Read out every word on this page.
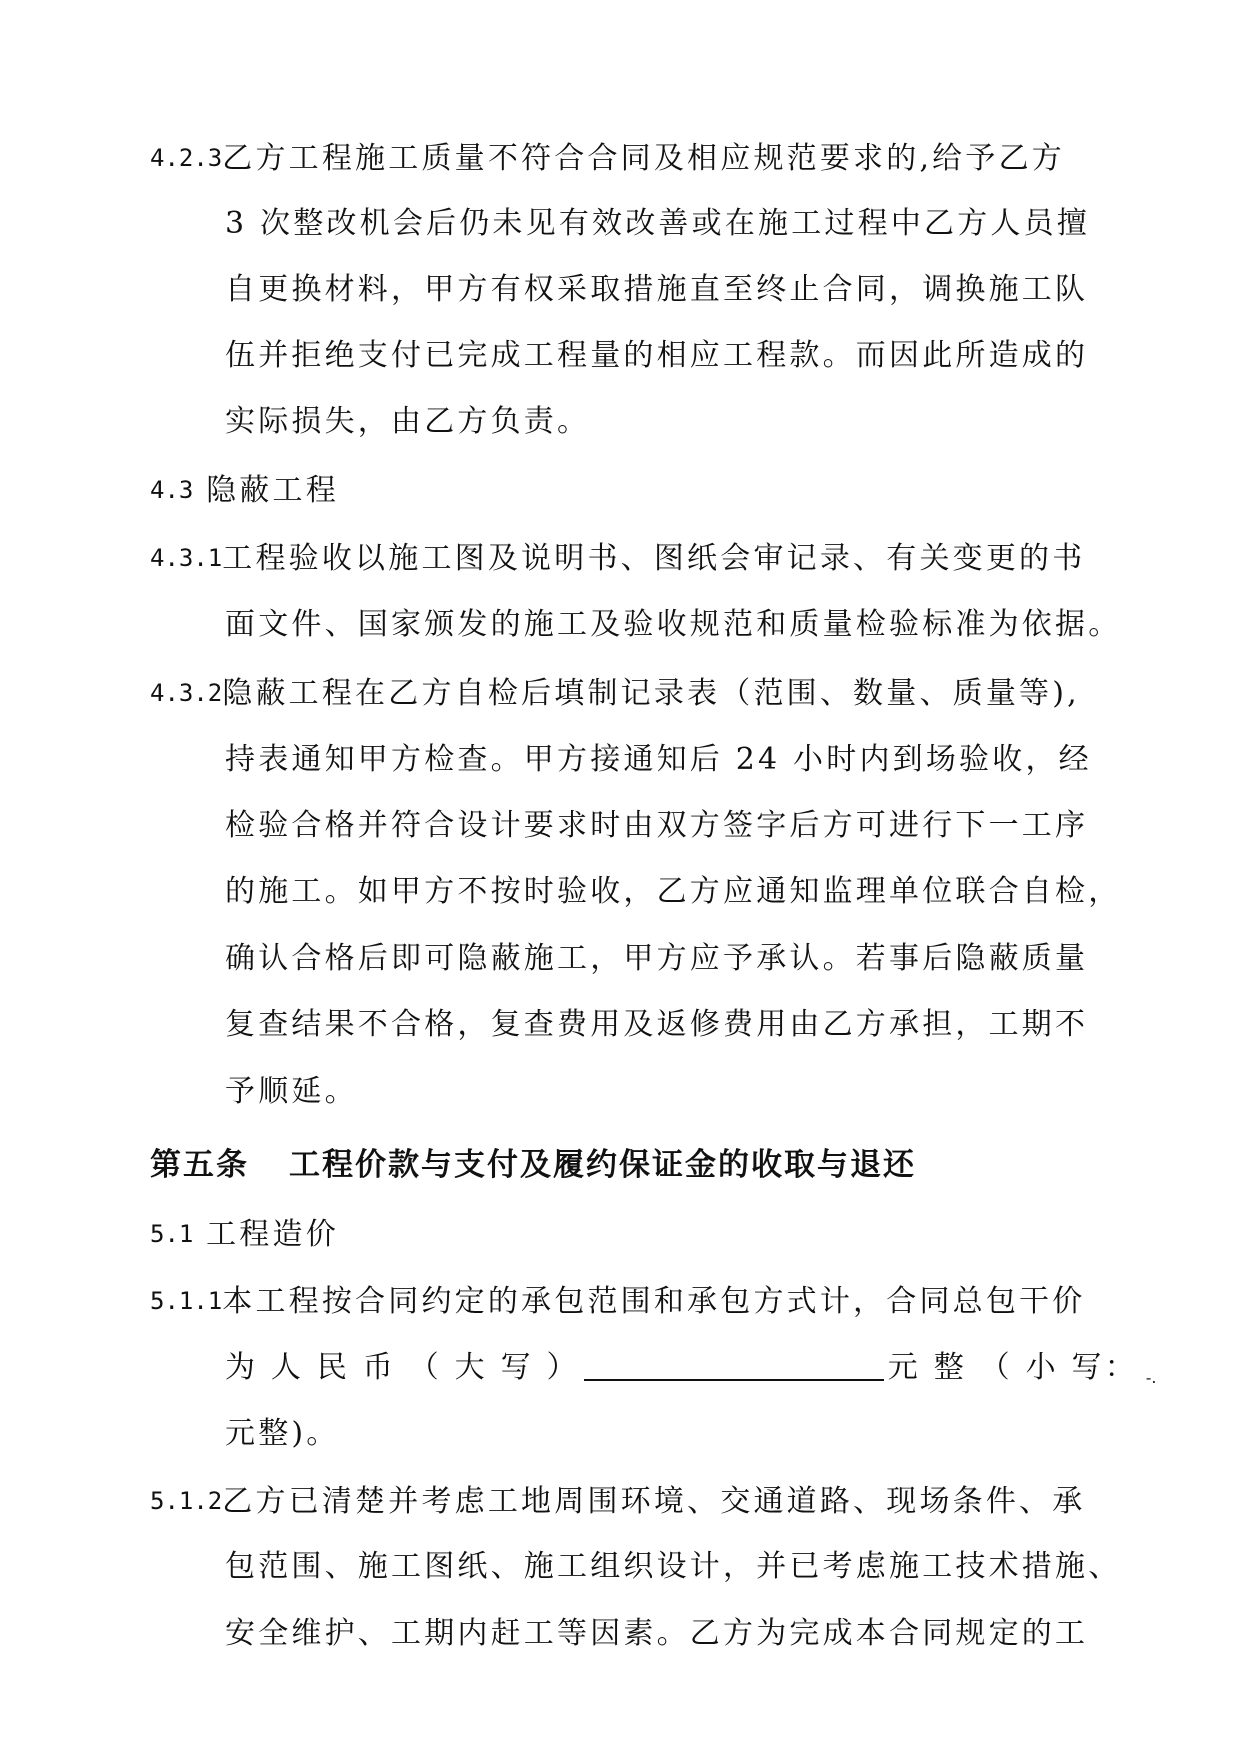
4.2.3乙方工程施工质量不符合合同及相应规范要求的,给予乙方
3 次整改机会后仍未见有效改善或在施工过程中乙方人员擅
自更换材料，甲方有权采取措施直至终止合同，调换施工队
伍并拒绝支付已完成工程量的相应工程款。而因此所造成的
实际损失，由乙方负责。
4.3 隐蔽工程
4.3.1工程验收以施工图及说明书、图纸会审记录、有关变更的书
面文件、国家颁发的施工及验收规范和质量检验标准为依据。
4.3.2隐蔽工程在乙方自检后填制记录表（范围、数量、质量等),
持表通知甲方检查。甲方接通知后 24 小时内到场验收，经
检验合格并符合设计要求时由双方签字后方可进行下一工序
的施工。如甲方不按时验收，乙方应通知监理单位联合自检，
确认合格后即可隐蔽施工，甲方应予承认。若事后隐蔽质量
复查结果不合格，复查费用及返修费用由乙方承担，工期不
予顺延。
第五条 工程价款与支付及履约保证金的收取与退还
5.1 工程造价
5.1.1本工程按合同约定的承包范围和承包方式计，合同总包干价
为 人 民 币 （ 大 写 ）	元 整 （ 小 写： -.
元整)。
5.1.2乙方已清楚并考虑工地周围环境、交通道路、现场条件、承
包范围、施工图纸、施工组织设计，并已考虑施工技术措施、
安全维护、工期内赶工等因素。乙方为完成本合同规定的工
